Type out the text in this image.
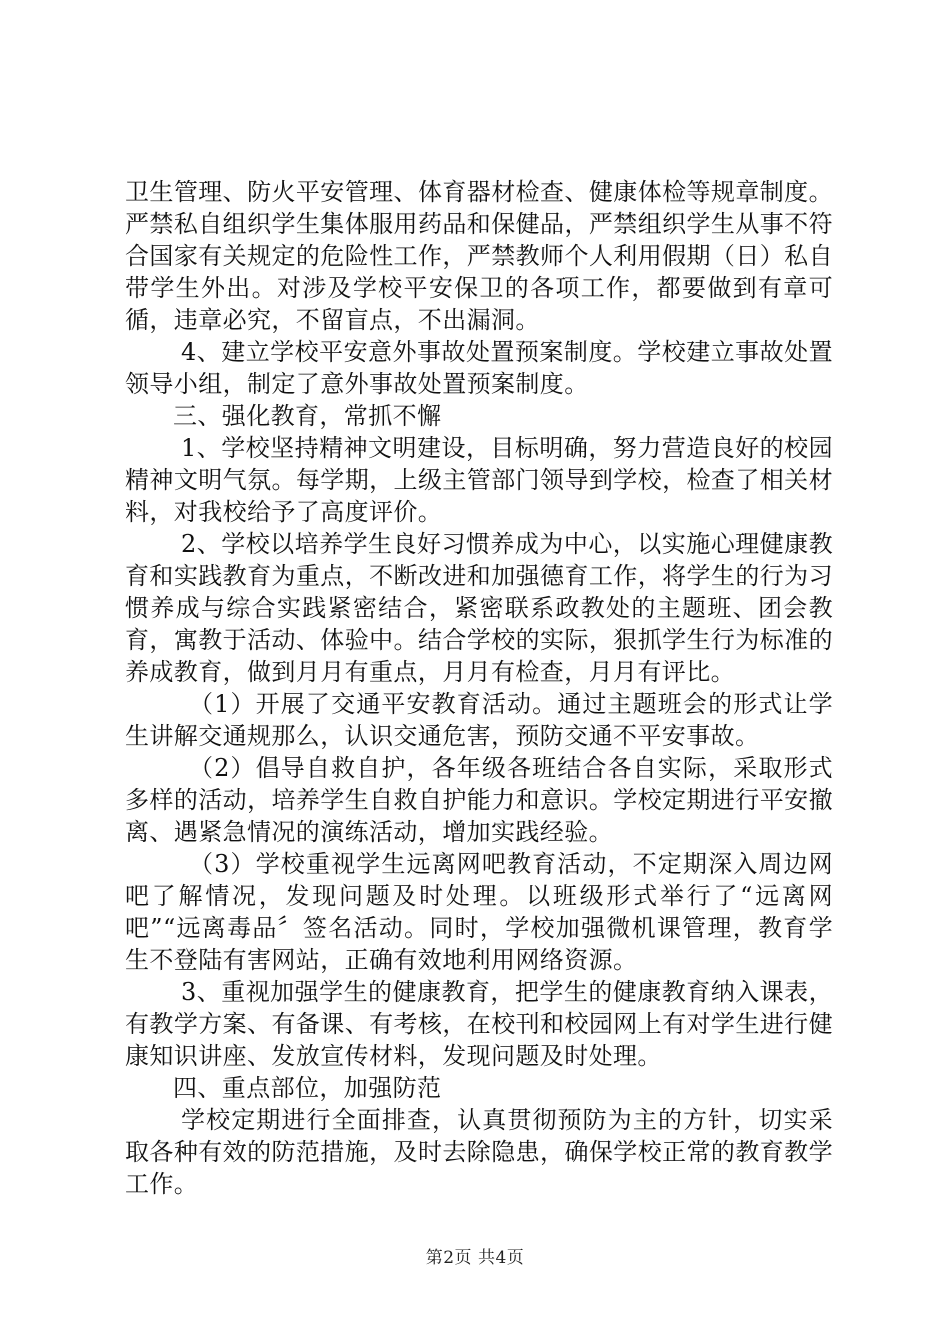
卫生管理、防火平安管理、体育器材检查、健康体检等规章制度。严禁私自组织学生集体服用药品和保健品，严禁组织学生从事不符合国家有关规定的危险性工作，严禁教师个人利用假期（日）私自带学生外出。对涉及学校平安保卫的各项工作，都要做到有章可循，违章必究，不留盲点，不出漏洞。

4、建立学校平安意外事故处置预案制度。学校建立事故处置领导小组，制定了意外事故处置预案制度。

三、强化教育，常抓不懈

1、学校坚持精神文明建设，目标明确，努力营造良好的校园精神文明气氛。每学期，上级主管部门领导到学校，检查了相关材料，对我校给予了高度评价。

2、学校以培养学生良好习惯养成为中心，以实施心理健康教育和实践教育为重点，不断改进和加强德育工作，将学生的行为习惯养成与综合实践紧密结合，紧密联系政教处的主题班、团会教育，寓教于活动、体验中。结合学校的实际，狠抓学生行为标准的养成教育，做到月月有重点，月月有检查，月月有评比。

（1）开展了交通平安教育活动。通过主题班会的形式让学生讲解交通规那么，认识交通危害，预防交通不平安事故。

（2）倡导自救自护，各年级各班结合各自实际，采取形式多样的活动，培养学生自救自护能力和意识。学校定期进行平安撤离、遇紧急情况的演练活动，增加实践经验。

（3）学校重视学生远离网吧教育活动，不定期深入周边网吧了解情况，发现问题及时处理。以班级形式举行了“远离网吧”“远离毒品〞签名活动。同时，学校加强微机课管理，教育学生不登陆有害网站，正确有效地利用网络资源。

3、重视加强学生的健康教育，把学生的健康教育纳入课表，有教学方案、有备课、有考核，在校刊和校园网上有对学生进行健康知识讲座、发放宣传材料，发现问题及时处理。

四、重点部位，加强防范

学校定期进行全面排查，认真贯彻预防为主的方针，切实采取各种有效的防范措施，及时去除隐患，确保学校正常的教育教学工作。

第2页 共4页
